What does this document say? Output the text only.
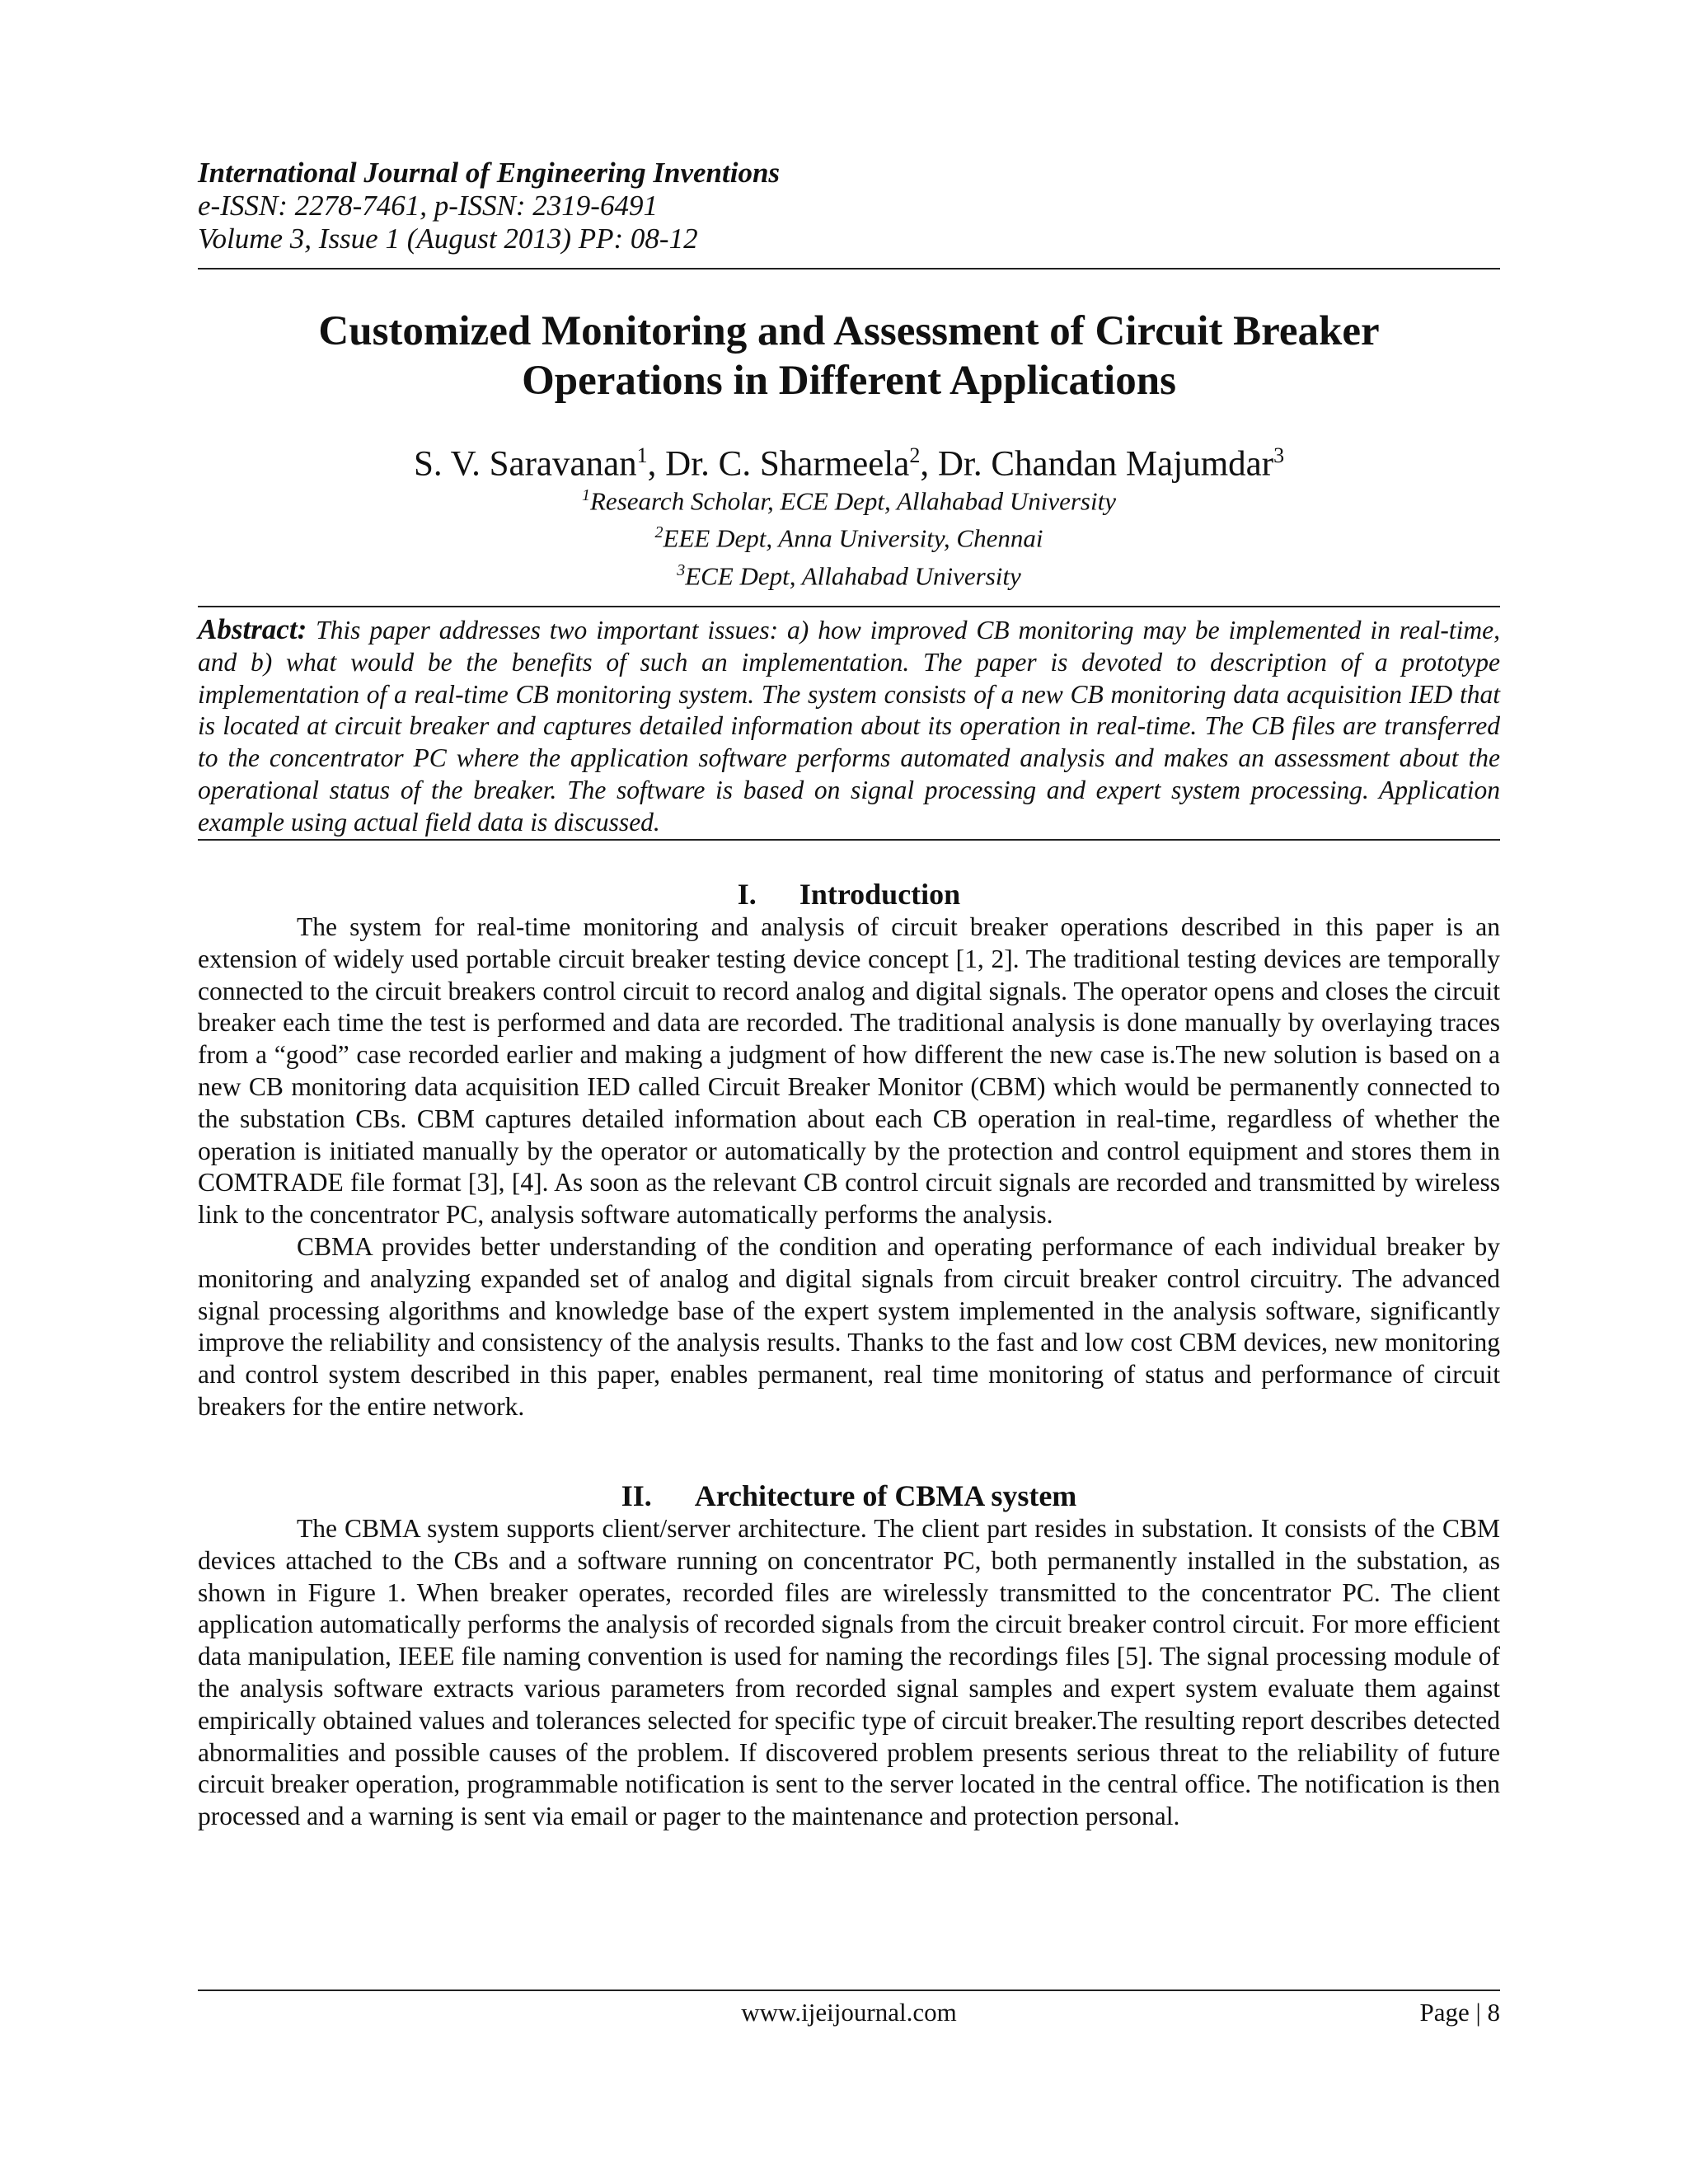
International Journal of Engineering Inventions
e-ISSN: 2278-7461, p-ISSN: 2319-6491
Volume 3, Issue 1 (August 2013) PP: 08-12
Customized Monitoring and Assessment of Circuit Breaker
Operations in Different Applications
S. V. Saravanan$^1$, Dr. C. Sharmeela$^2$, Dr. Chandan Majumdar$^3$
$^1$Research Scholar, ECE Dept, Allahabad University
$^2$EEE Dept, Anna University, Chennai
$^3$ECE Dept, Allahabad University
Abstract: This paper addresses two important issues: a) how improved CB monitoring may be implemented in real-time, and b) what would be the benefits of such an implementation. The paper is devoted to description of a prototype implementation of a real-time CB monitoring system. The system consists of a new CB monitoring data acquisition IED that is located at circuit breaker and captures detailed information about its operation in real-time. The CB files are transferred to the concentrator PC where the application software performs automated analysis and makes an assessment about the operational status of the breaker. The software is based on signal processing and expert system processing. Application example using actual field data is discussed.
I. Introduction

The system for real-time monitoring and analysis of circuit breaker operations described in this paper is an extension of widely used portable circuit breaker testing device concept [1, 2]. The traditional testing devices are temporally connected to the circuit breakers control circuit to record analog and digital signals. The operator opens and closes the circuit breaker each time the test is performed and data are recorded. The traditional analysis is done manually by overlaying traces from a “good” case recorded earlier and making a judgment of how different the new case is.The new solution is based on a new CB monitoring data acquisition IED called Circuit Breaker Monitor (CBM) which would be permanently connected to the substation CBs. CBM captures detailed information about each CB operation in real-time, regardless of whether the operation is initiated manually by the operator or automatically by the protection and control equipment and stores them in COMTRADE file format [3], [4]. As soon as the relevant CB control circuit signals are recorded and transmitted by wireless link to the concentrator PC, analysis software automatically performs the analysis.

CBMA provides better understanding of the condition and operating performance of each individual breaker by monitoring and analyzing expanded set of analog and digital signals from circuit breaker control circuitry. The advanced signal processing algorithms and knowledge base of the expert system implemented in the analysis software, significantly improve the reliability and consistency of the analysis results. Thanks to the fast and low cost CBM devices, new monitoring and control system described in this paper, enables permanent, real time monitoring of status and performance of circuit breakers for the entire network.

II. Architecture of CBMA system

The CBMA system supports client/server architecture. The client part resides in substation. It consists of the CBM devices attached to the CBs and a software running on concentrator PC, both permanently installed in the substation, as shown in Figure 1. When breaker operates, recorded files are wirelessly transmitted to the concentrator PC. The client application automatically performs the analysis of recorded signals from the circuit breaker control circuit. For more efficient data manipulation, IEEE file naming convention is used for naming the recordings files [5]. The signal processing module of the analysis software extracts various parameters from recorded signal samples and expert system evaluate them against empirically obtained values and tolerances selected for specific type of circuit breaker.The resulting report describes detected abnormalities and possible causes of the problem. If discovered problem presents serious threat to the reliability of future circuit breaker operation, programmable notification is sent to the server located in the central office. The notification is then processed and a warning is sent via email or pager to the maintenance and protection personal.

www.ijeijournal.com	Page | 8
